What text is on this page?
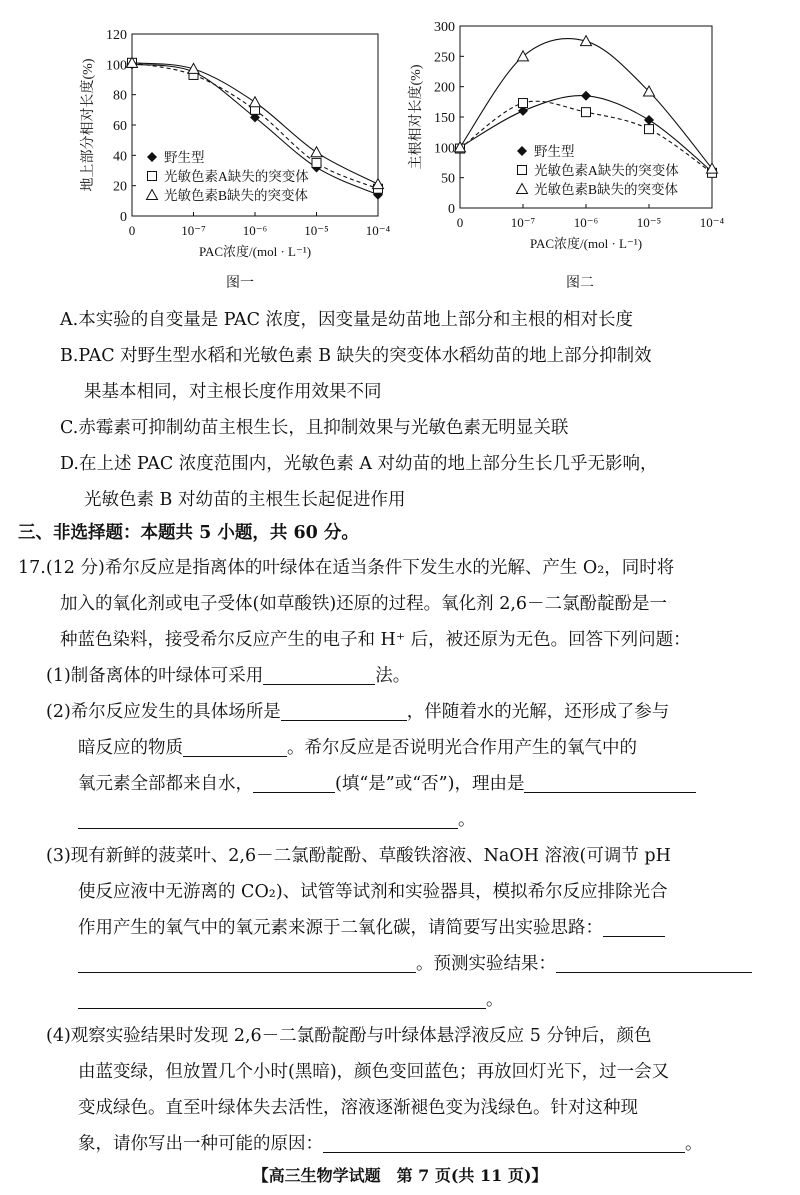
0
20
40
60
80
100
120
0	10⁻⁷	10⁻⁶	10⁻⁵	10⁻⁴
PAC浓度/(mol · L⁻¹)
地上部分相对长度(%)	野生型
光敏色素A缺失的突变体
光敏色素B缺失的突变体
0
50
100
150
200
250
300
0	10⁻⁷	10⁻⁶	10⁻⁵	10⁻⁴
PAC浓度/(mol · L⁻¹)
主根相对长度(%)	野生型
光敏色素A缺失的突变体
光敏色素B缺失的突变体
图一	图二
A.本实验的自变量是 PAC 浓度，因变量是幼苗地上部分和主根的相对长度
B.PAC 对野生型水稻和光敏色素 B 缺失的突变体水稻幼苗的地上部分抑制效
果基本相同，对主根长度作用效果不同
C.赤霉素可抑制幼苗主根生长，且抑制效果与光敏色素无明显关联
D.在上述 PAC 浓度范围内，光敏色素 A 对幼苗的地上部分生长几乎无影响，
光敏色素 B 对幼苗的主根生长起促进作用
三、非选择题：本题共 5 小题，共 60 分。
17.(12 分)希尔反应是指离体的叶绿体在适当条件下发生水的光解、产生 O₂，同时将
加入的氧化剂或电子受体(如草酸铁)还原的过程。氧化剂 2,6－二氯酚靛酚是一
种蓝色染料，接受希尔反应产生的电子和 H⁺ 后，被还原为无色。回答下列问题：
(1)制备离体的叶绿体可采用	法。
(2)希尔反应发生的具体场所是	，伴随着水的光解，还形成了参与
暗反应的物质	。希尔反应是否说明光合作用产生的氧气中的
氧元素全部都来自水，	(填“是”或“否”)，理由是
。
(3)现有新鲜的菠菜叶、2,6－二氯酚靛酚、草酸铁溶液、NaOH 溶液(可调节 pH
使反应液中无游离的 CO₂)、试管等试剂和实验器具，模拟希尔反应排除光合
作用产生的氧气中的氧元素来源于二氧化碳，请简要写出实验思路：
。预测实验结果：
。
(4)观察实验结果时发现 2,6－二氯酚靛酚与叶绿体悬浮液反应 5 分钟后，颜色
由蓝变绿，但放置几个小时(黑暗)，颜色变回蓝色；再放回灯光下，过一会又
变成绿色。直至叶绿体失去活性，溶液逐渐褪色变为浅绿色。针对这种现
象，请你写出一种可能的原因：	。
【高三生物学试题　第 7 页(共 11 页)】
